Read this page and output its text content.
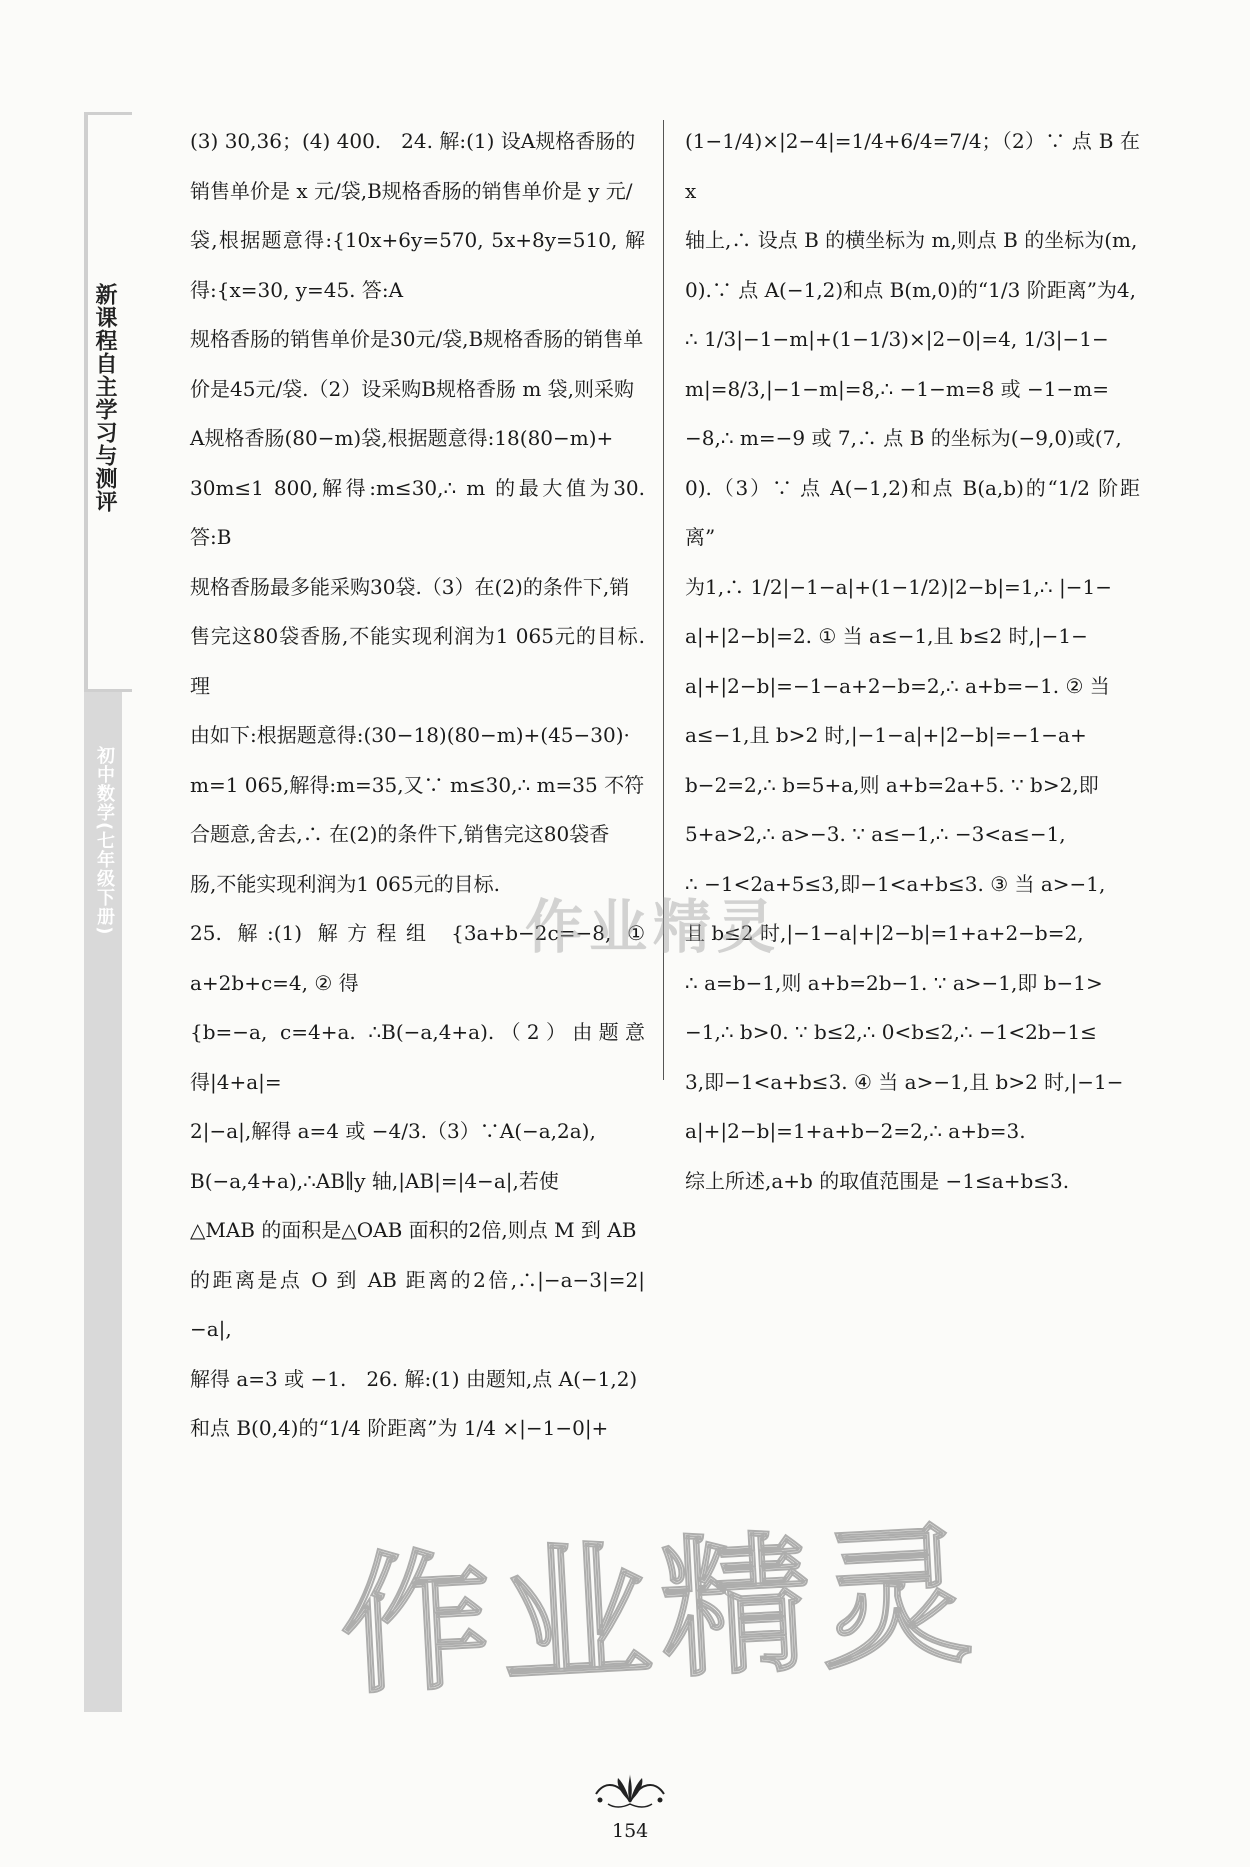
新课程自主学习与测评
初中数学(七年级下册)

(3) 30,36；(4) 400.　24. 解:(1) 设A规格香肠的

销售单价是 x 元/袋,B规格香肠的销售单价是 y 元/

袋,根据题意得:{10x+6y=570, 5x+8y=510, 解得:{x=30, y=45. 答:A

规格香肠的销售单价是30元/袋,B规格香肠的销售单

价是45元/袋.（2）设采购B规格香肠 m 袋,则采购

A规格香肠(80−m)袋,根据题意得:18(80−m)+

30m≤1 800,解得:m≤30,∴ m 的最大值为30.答:B

规格香肠最多能采购30袋.（3）在(2)的条件下,销

售完这80袋香肠,不能实现利润为1 065元的目标.理

由如下:根据题意得:(30−18)(80−m)+(45−30)·

m=1 065,解得:m=35,又∵ m≤30,∴ m=35 不符

合题意,舍去,∴ 在(2)的条件下,销售完这80袋香

肠,不能实现利润为1 065元的目标.

25. 解:(1) 解方程组 {3a+b−2c=−8, ① a+2b+c=4, ② 得

{b=−a, c=4+a. ∴B(−a,4+a).（2）由题意得|4+a|=

2|−a|,解得 a=4 或 −4/3.（3）∵A(−a,2a),

B(−a,4+a),∴AB∥y 轴,|AB|=|4−a|,若使

△MAB 的面积是△OAB 面积的2倍,则点 M 到 AB

的距离是点 O 到 AB 距离的2倍,∴|−a−3|=2|−a|,

解得 a=3 或 −1.　26. 解:(1) 由题知,点 A(−1,2)

和点 B(0,4)的“1/4 阶距离”为 1/4 ×|−1−0|+

(1−1/4)×|2−4|=1/4+6/4=7/4；（2）∵ 点 B 在 x

轴上,∴ 设点 B 的横坐标为 m,则点 B 的坐标为(m,

0).∵ 点 A(−1,2)和点 B(m,0)的“1/3 阶距离”为4,

∴ 1/3|−1−m|+(1−1/3)×|2−0|=4, 1/3|−1−

m|=8/3,|−1−m|=8,∴ −1−m=8 或 −1−m=

−8,∴ m=−9 或 7,∴ 点 B 的坐标为(−9,0)或(7,

0).（3）∵ 点 A(−1,2)和点 B(a,b)的“1/2 阶距离”

为1,∴ 1/2|−1−a|+(1−1/2)|2−b|=1,∴ |−1−

a|+|2−b|=2. ① 当 a≤−1,且 b≤2 时,|−1−

a|+|2−b|=−1−a+2−b=2,∴ a+b=−1. ② 当

a≤−1,且 b>2 时,|−1−a|+|2−b|=−1−a+

b−2=2,∴ b=5+a,则 a+b=2a+5. ∵ b>2,即

5+a>2,∴ a>−3. ∵ a≤−1,∴ −3<a≤−1,

∴ −1<2a+5≤3,即−1<a+b≤3. ③ 当 a>−1,

且 b≤2 时,|−1−a|+|2−b|=1+a+2−b=2,

∴ a=b−1,则 a+b=2b−1. ∵ a>−1,即 b−1>

−1,∴ b>0. ∵ b≤2,∴ 0<b≤2,∴ −1<2b−1≤

3,即−1<a+b≤3. ④ 当 a>−1,且 b>2 时,|−1−

a|+|2−b|=1+a+b−2=2,∴ a+b=3.

综上所述,a+b 的取值范围是 −1≤a+b≤3.

作业精灵
作业精灵
154
